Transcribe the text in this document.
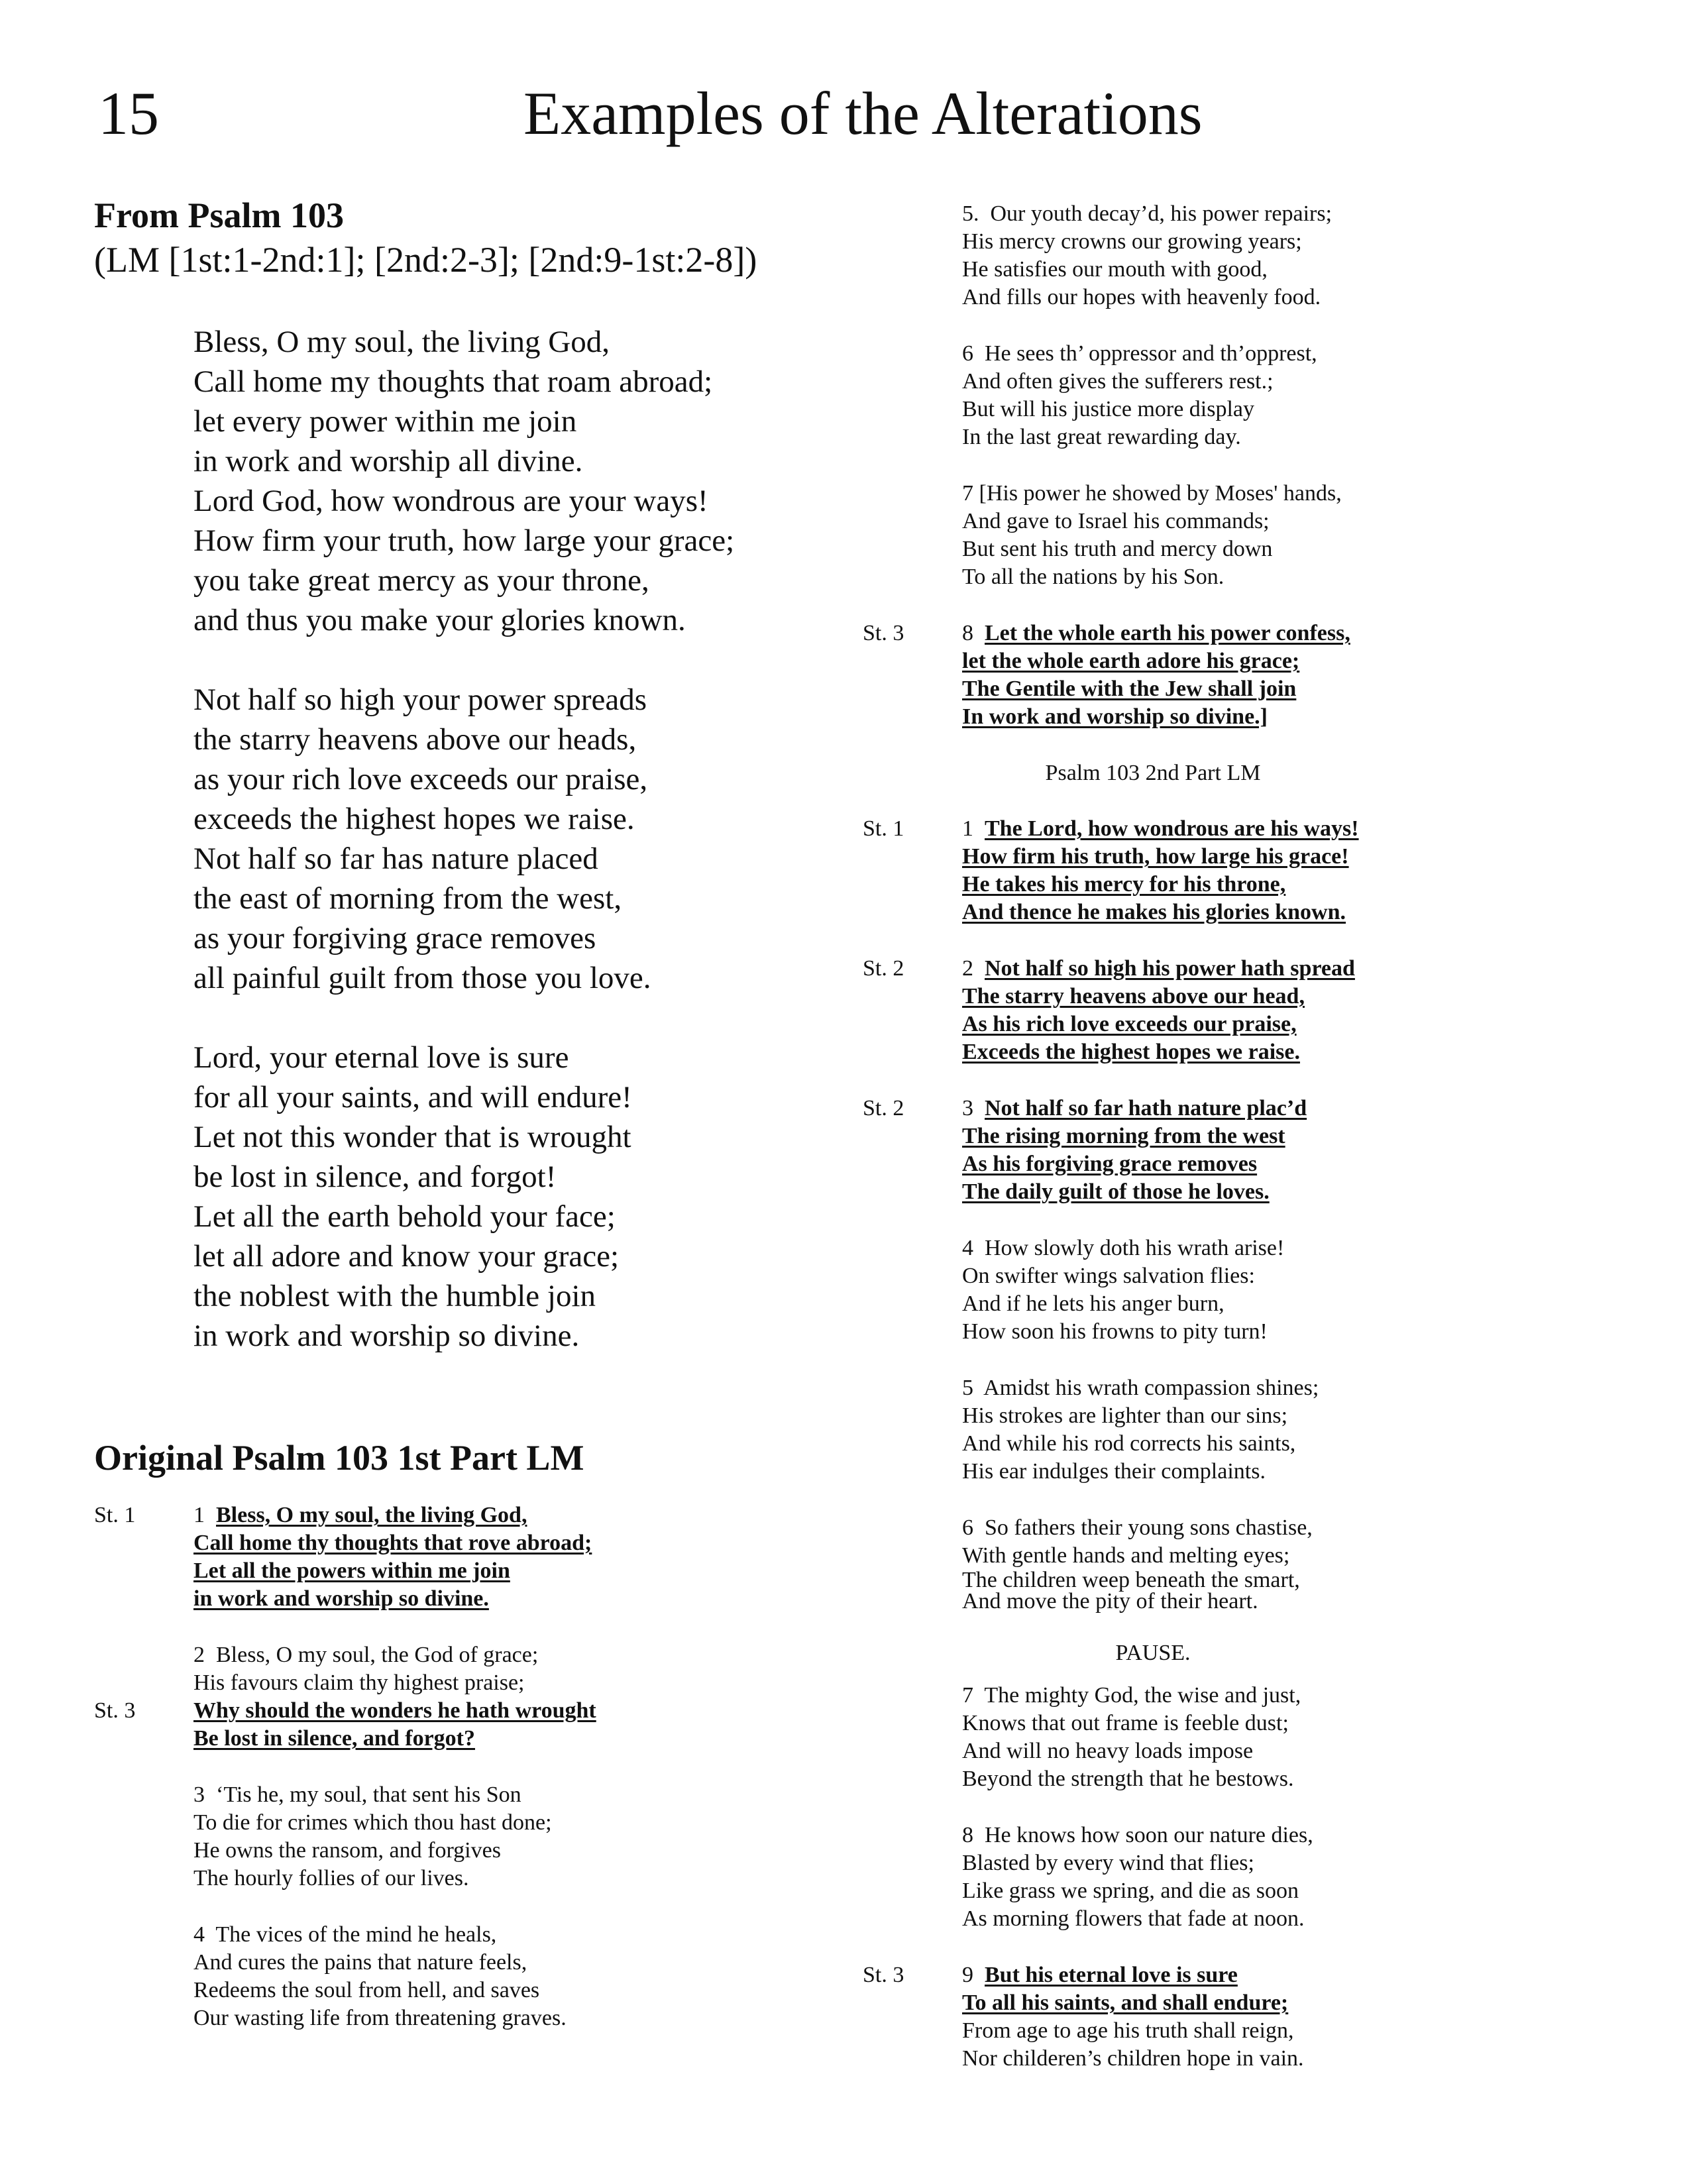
15	Examples of the Alterations
From Psalm 103
(LM [1st:1-2nd:1]; [2nd:2-3]; [2nd:9-1st:2-8])
Bless, O my soul, the living God,
Call home my thoughts that roam abroad;
let every power within me join
in work and worship all divine.
Lord God, how wondrous are your ways!
How firm your truth, how large your grace;
you take great mercy as your throne,
and thus you make your glories known.
Not half so high your power spreads
the starry heavens above our heads,
as your rich love exceeds our praise,
exceeds the highest hopes we raise.
Not half so far has nature placed
the east of morning from the west,
as your forgiving grace removes
all painful guilt from those you love.
Lord, your eternal love is sure
for all your saints, and will endure!
Let not this wonder that is wrought
be lost in silence, and forgot!
Let all the earth behold your face;
let all adore and know your grace;
the noblest with the humble join
in work and worship so divine.
Original Psalm 103 1st Part LM
St. 1	1  Bless, O my soul, the living God,
Call home thy thoughts that rove abroad;
Let all the powers within me join
in work and worship so divine.
2  Bless, O my soul, the God of grace;
His favours claim thy highest praise;
Why should the wonders he hath wrought
Be lost in silence, and forgot?
St. 3
3  ‘Tis he, my soul, that sent his Son
To die for crimes which thou hast done;
He owns the ransom, and forgives
The hourly follies of our lives.
4  The vices of the mind he heals,
And cures the pains that nature feels,
Redeems the soul from hell, and saves
Our wasting life from threatening graves.
5.  Our youth decay’d, his power repairs;
His mercy crowns our growing years;
He satisfies our mouth with good,
And fills our hopes with heavenly food.
6  He sees th’ oppressor and th’opprest,
And often gives the sufferers rest.;
But will his justice more display
In the last great rewarding day.
7 [His power he showed by Moses' hands,
And gave to Israel his commands;
But sent his truth and mercy down
To all the nations by his Son.
St. 3	8  Let the whole earth his power confess,
let the whole earth adore his grace;
The Gentile with the Jew shall join
In work and worship so divine.]
Psalm 103 2nd Part LM
St. 1	1  The Lord, how wondrous are his ways!
How firm his truth, how large his grace!
He takes his mercy for his throne,
And thence he makes his glories known.
St. 2	2  Not half so high his power hath spread
The starry heavens above our head,
As his rich love exceeds our praise,
Exceeds the highest hopes we raise.
St. 2	3  Not half so far hath nature plac’d
The rising morning from the west
As his forgiving grace removes
The daily guilt of those he loves.
4  How slowly doth his wrath arise!
On swifter wings salvation flies:
And if he lets his anger burn,
How soon his frowns to pity turn!
5  Amidst his wrath compassion shines;
His strokes are lighter than our sins;
And while his rod corrects his saints,
His ear indulges their complaints.
6  So fathers their young sons chastise,
With gentle hands and melting eyes;
The children weep beneath the smart,
And move the pity of their heart.
PAUSE.
7  The mighty God, the wise and just,
Knows that out frame is feeble dust;
And will no heavy loads impose
Beyond the strength that he bestows.
8  He knows how soon our nature dies,
Blasted by every wind that flies;
Like grass we spring, and die as soon
As morning flowers that fade at noon.
St. 3	9  But his eternal love is sure
To all his saints, and shall endure;
From age to age his truth shall reign,
Nor childeren’s children hope in vain.
